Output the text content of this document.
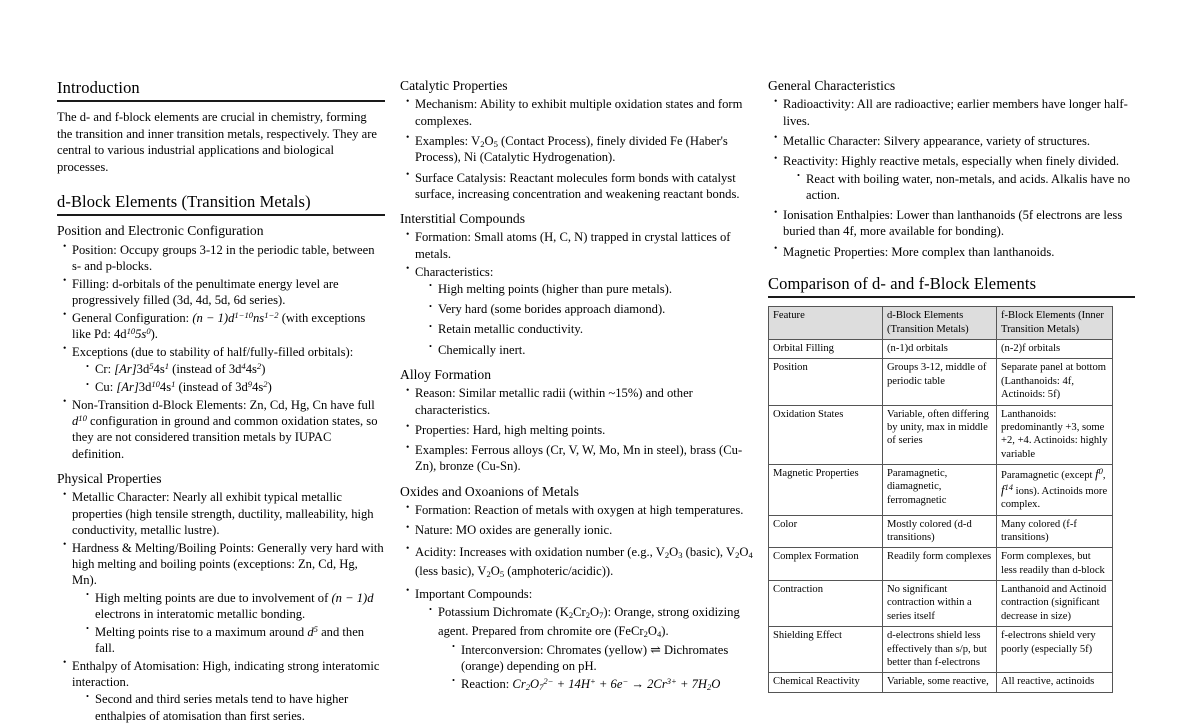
Introduction

The d- and f-block elements are crucial in chemistry, forming the transition and inner transition metals, respectively. They are central to various industrial applications and biological processes.

d-Block Elements (Transition Metals)
Position and Electronic Configuration
• Position: Occupy groups 3-12 in the periodic table, between s- and p-blocks.
• Filling: d-orbitals of the penultimate energy level are progressively filled (3d, 4d, 5d, 6d series).
• General Configuration: $(n - 1)d^{1-10}ns^{1-2}$ (with exceptions like Pd: $4d^{10}5s^0$).
• Exceptions (due to stability of half/fully-filled orbitals):
• Cr: $[Ar]3d^54s^1$ (instead of $3d^44s^2$)
• Cu: $[Ar]3d^{10}4s^1$ (instead of $3d^94s^2$)
• Non-Transition d-Block Elements: Zn, Cd, Hg, Cn have full $d^{10}$ configuration in ground and common oxidation states, so they are not considered transition metals by IUPAC definition.
Physical Properties
• Metallic Character: Nearly all exhibit typical metallic properties (high tensile strength, ductility, malleability, high conductivity, metallic lustre).
• Hardness & Melting/Boiling Points: Generally very hard with high melting and boiling points (exceptions: Zn, Cd, Hg, Mn).
• High melting points are due to involvement of (n − 1)d electrons in interatomic metallic bonding.
• Melting points rise to a maximum around $d^5$ and then fall.
• Enthalpy of Atomisation: High, indicating strong interatomic interaction.
• Second and third series metals tend to have higher enthalpies of atomisation than first series.
Catalytic Properties
• Mechanism: Ability to exhibit multiple oxidation states and form complexes.
• Examples: $V_2O_5$ (Contact Process), finely divided Fe (Haber's Process), Ni (Catalytic Hydrogenation).
• Surface Catalysis: Reactant molecules form bonds with catalyst surface, increasing concentration and weakening reactant bonds.
Interstitial Compounds
• Formation: Small atoms (H, C, N) trapped in crystal lattices of metals.
• Characteristics:
• High melting points (higher than pure metals).
• Very hard (some borides approach diamond).
• Retain metallic conductivity.
• Chemically inert.
Alloy Formation
• Reason: Similar metallic radii (within ~15%) and other characteristics.
• Properties: Hard, high melting points.
• Examples: Ferrous alloys (Cr, V, W, Mo, Mn in steel), brass (Cu-Zn), bronze (Cu-Sn).
Oxides and Oxoanions of Metals
• Formation: Reaction of metals with oxygen at high temperatures.
• Nature: MO oxides are generally ionic.
• Acidity: Increases with oxidation number (e.g., $V_2O_3$ (basic), $V_2O_4$ (less basic), $V_2O_5$ (amphoteric/acidic)).
• Important Compounds:
• Potassium Dichromate $(K_2Cr_2O_7)$: Orange, strong oxidizing agent. Prepared from chromite ore $(FeCr_2O_4)$.
• Interconversion: Chromates (yellow) ⇌ Dichromates (orange) depending on pH.
• Reaction: $Cr_2O_7^{2-} + 14H^+ + 6e^- \to 2Cr^{3+} + 7H_2O$
General Characteristics
• Radioactivity: All are radioactive; earlier members have longer half-lives.
• Metallic Character: Silvery appearance, variety of structures.
• Reactivity: Highly reactive metals, especially when finely divided.
• React with boiling water, non-metals, and acids. Alkalis have no action.
• Ionisation Enthalpies: Lower than lanthanoids (5f electrons are less buried than 4f, more available for bonding).
• Magnetic Properties: More complex than lanthanoids.
Comparison of d- and f-Block Elements
Feature	d-Block Elements (Transition Metals)	f-Block Elements (Inner Transition Metals)
Orbital Filling	(n-1)d orbitals	(n-2)f orbitals
Position	Groups 3-12, middle of periodic table	Separate panel at bottom (Lanthanoids: 4f, Actinoids: 5f)
Oxidation States	Variable, often differing by unity, max in middle of series	Lanthanoids: predominantly +3, some +2, +4. Actinoids: highly variable
Magnetic Properties	Paramagnetic, diamagnetic, ferromagnetic	Paramagnetic (except $f^0$, $f^{14}$ ions). Actinoids more complex.
Color	Mostly colored (d-d transitions)	Many colored (f-f transitions)
Complex Formation	Readily form complexes	Form complexes, but less readily than d-block
Contraction	No significant contraction within a series itself	Lanthanoid and Actinoid contraction (significant decrease in size)
Shielding Effect	d-electrons shield less effectively than s/p, but better than f-electrons	f-electrons shield very poorly (especially 5f)
Chemical Reactivity	Variable, some reactive,	All reactive, actinoids
